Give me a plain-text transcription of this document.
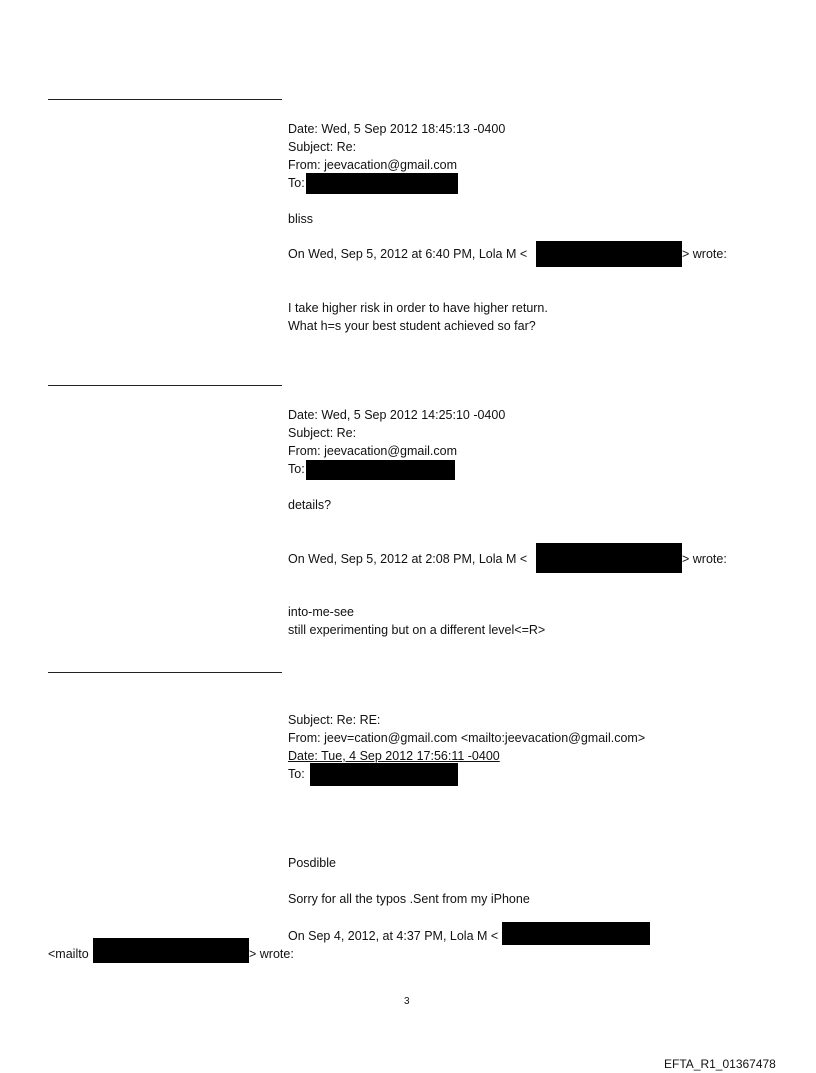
Date: Wed, 5 Sep 2012 18:45:13 -0400
Subject: Re:
From: jeevacation@gmail.com
To:
bliss
On Wed, Sep 5, 2012 at 6:40 PM, Lola M <	> wrote:
I take higher risk in order to have higher return.
What h=s your best student achieved so far?
Date: Wed, 5 Sep 2012 14:25:10 -0400
Subject: Re:
From: jeevacation@gmail.com
To:
details?
On Wed, Sep 5, 2012 at 2:08 PM, Lola M <	> wrote:
into-me-see
still experimenting but on a different level<=R>
Subject: Re: RE:
From: jeev=cation@gmail.com <mailto:jeevacation@gmail.com>
Date: Tue, 4 Sep 2012 17:56:11 -0400
To:
Posdible
Sorry for all the typos .Sent from my iPhone
On Sep 4, 2012, at 4:37 PM, Lola M <
<mailto	> wrote:
3
EFTA_R1_01367478
